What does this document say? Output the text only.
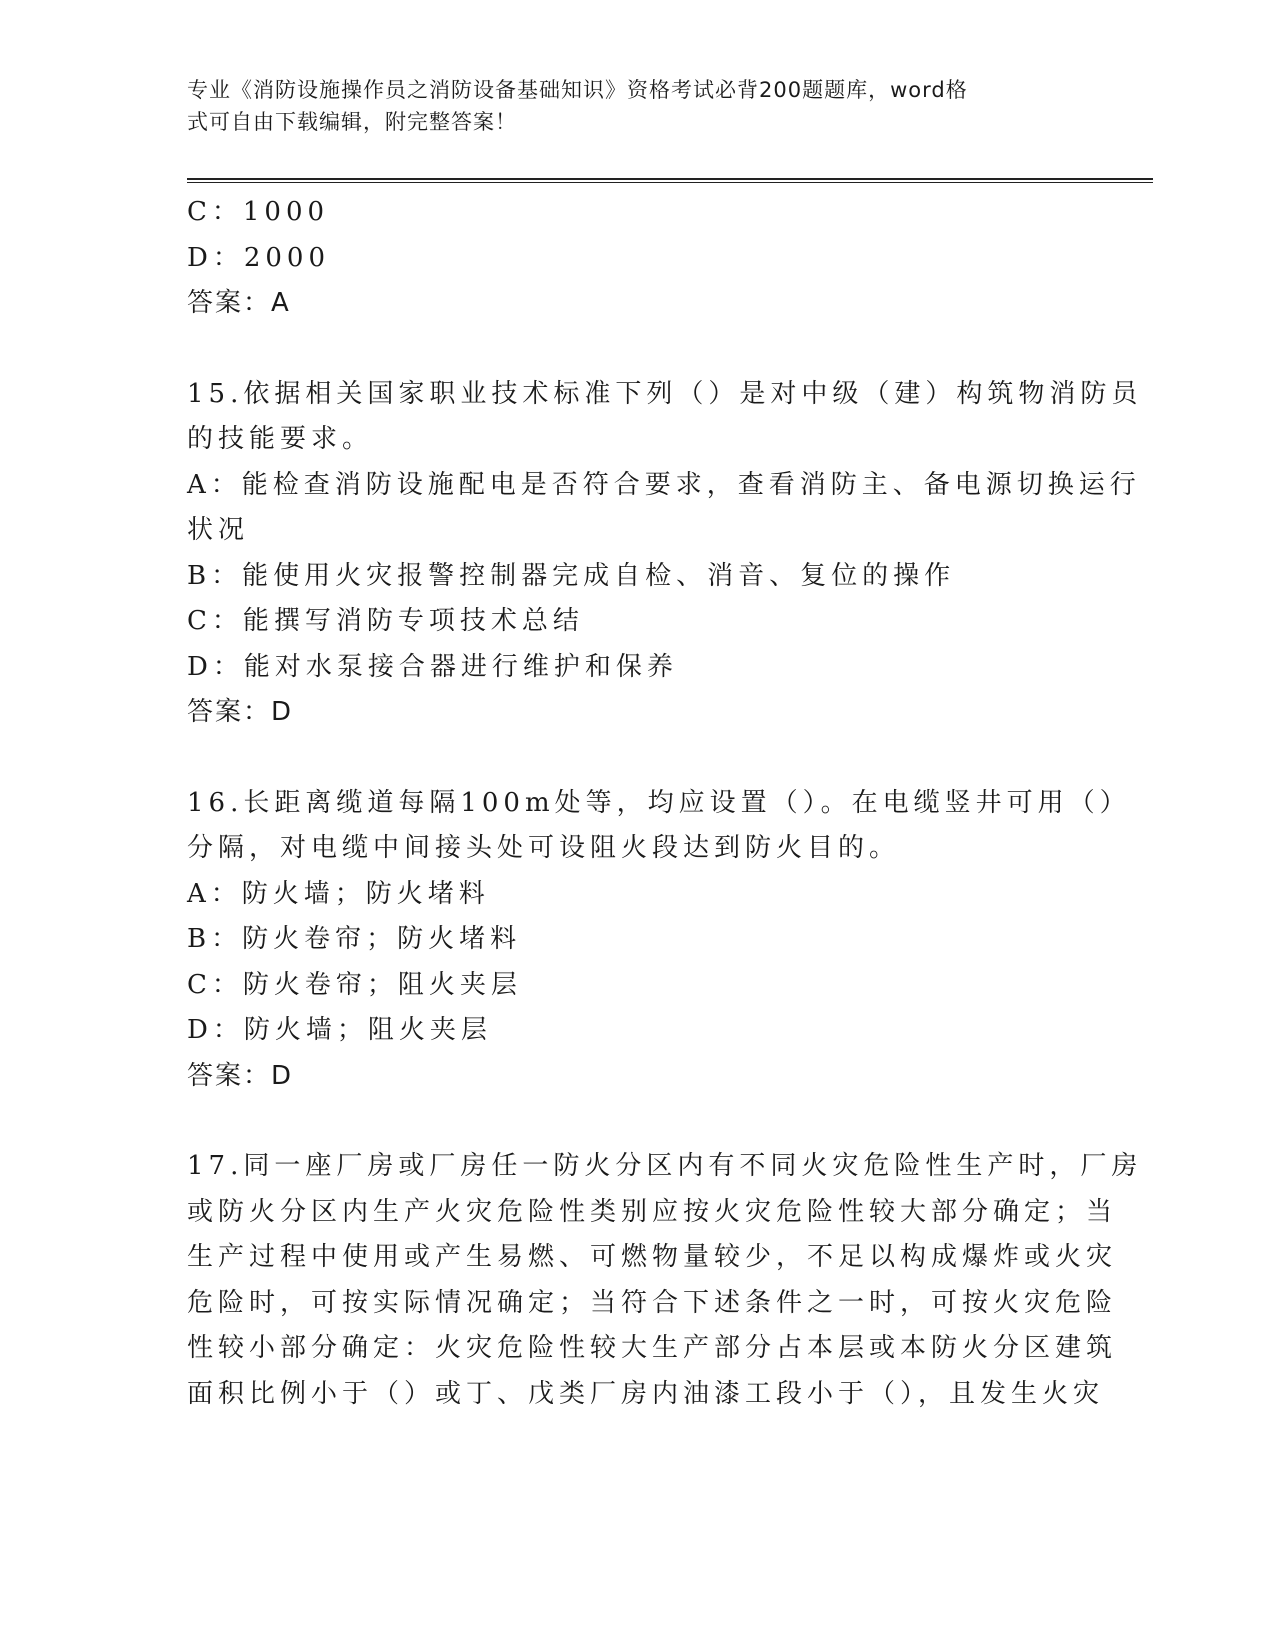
专业《消防设施操作员之消防设备基础知识》资格考试必背200题题库，word格
式可自由下载编辑，附完整答案！
C：1000
D：2000
答案：A
15.依据相关国家职业技术标准下列（）是对中级（建）构筑物消防员
的技能要求。
A：能检查消防设施配电是否符合要求，查看消防主、备电源切换运行
状况
B：能使用火灾报警控制器完成自检、消音、复位的操作
C：能撰写消防专项技术总结
D：能对水泵接合器进行维护和保养
答案：D
16.长距离缆道每隔100m处等，均应设置（）。在电缆竖井可用（）
分隔，对电缆中间接头处可设阻火段达到防火目的。
A：防火墙；防火堵料
B：防火卷帘；防火堵料
C：防火卷帘；阻火夹层
D：防火墙；阻火夹层
答案：D
17.同一座厂房或厂房任一防火分区内有不同火灾危险性生产时，厂房
或防火分区内生产火灾危险性类别应按火灾危险性较大部分确定；当
生产过程中使用或产生易燃、可燃物量较少，不足以构成爆炸或火灾
危险时，可按实际情况确定；当符合下述条件之一时，可按火灾危险
性较小部分确定：火灾危险性较大生产部分占本层或本防火分区建筑
面积比例小于（）或丁、戊类厂房内油漆工段小于（），且发生火灾
